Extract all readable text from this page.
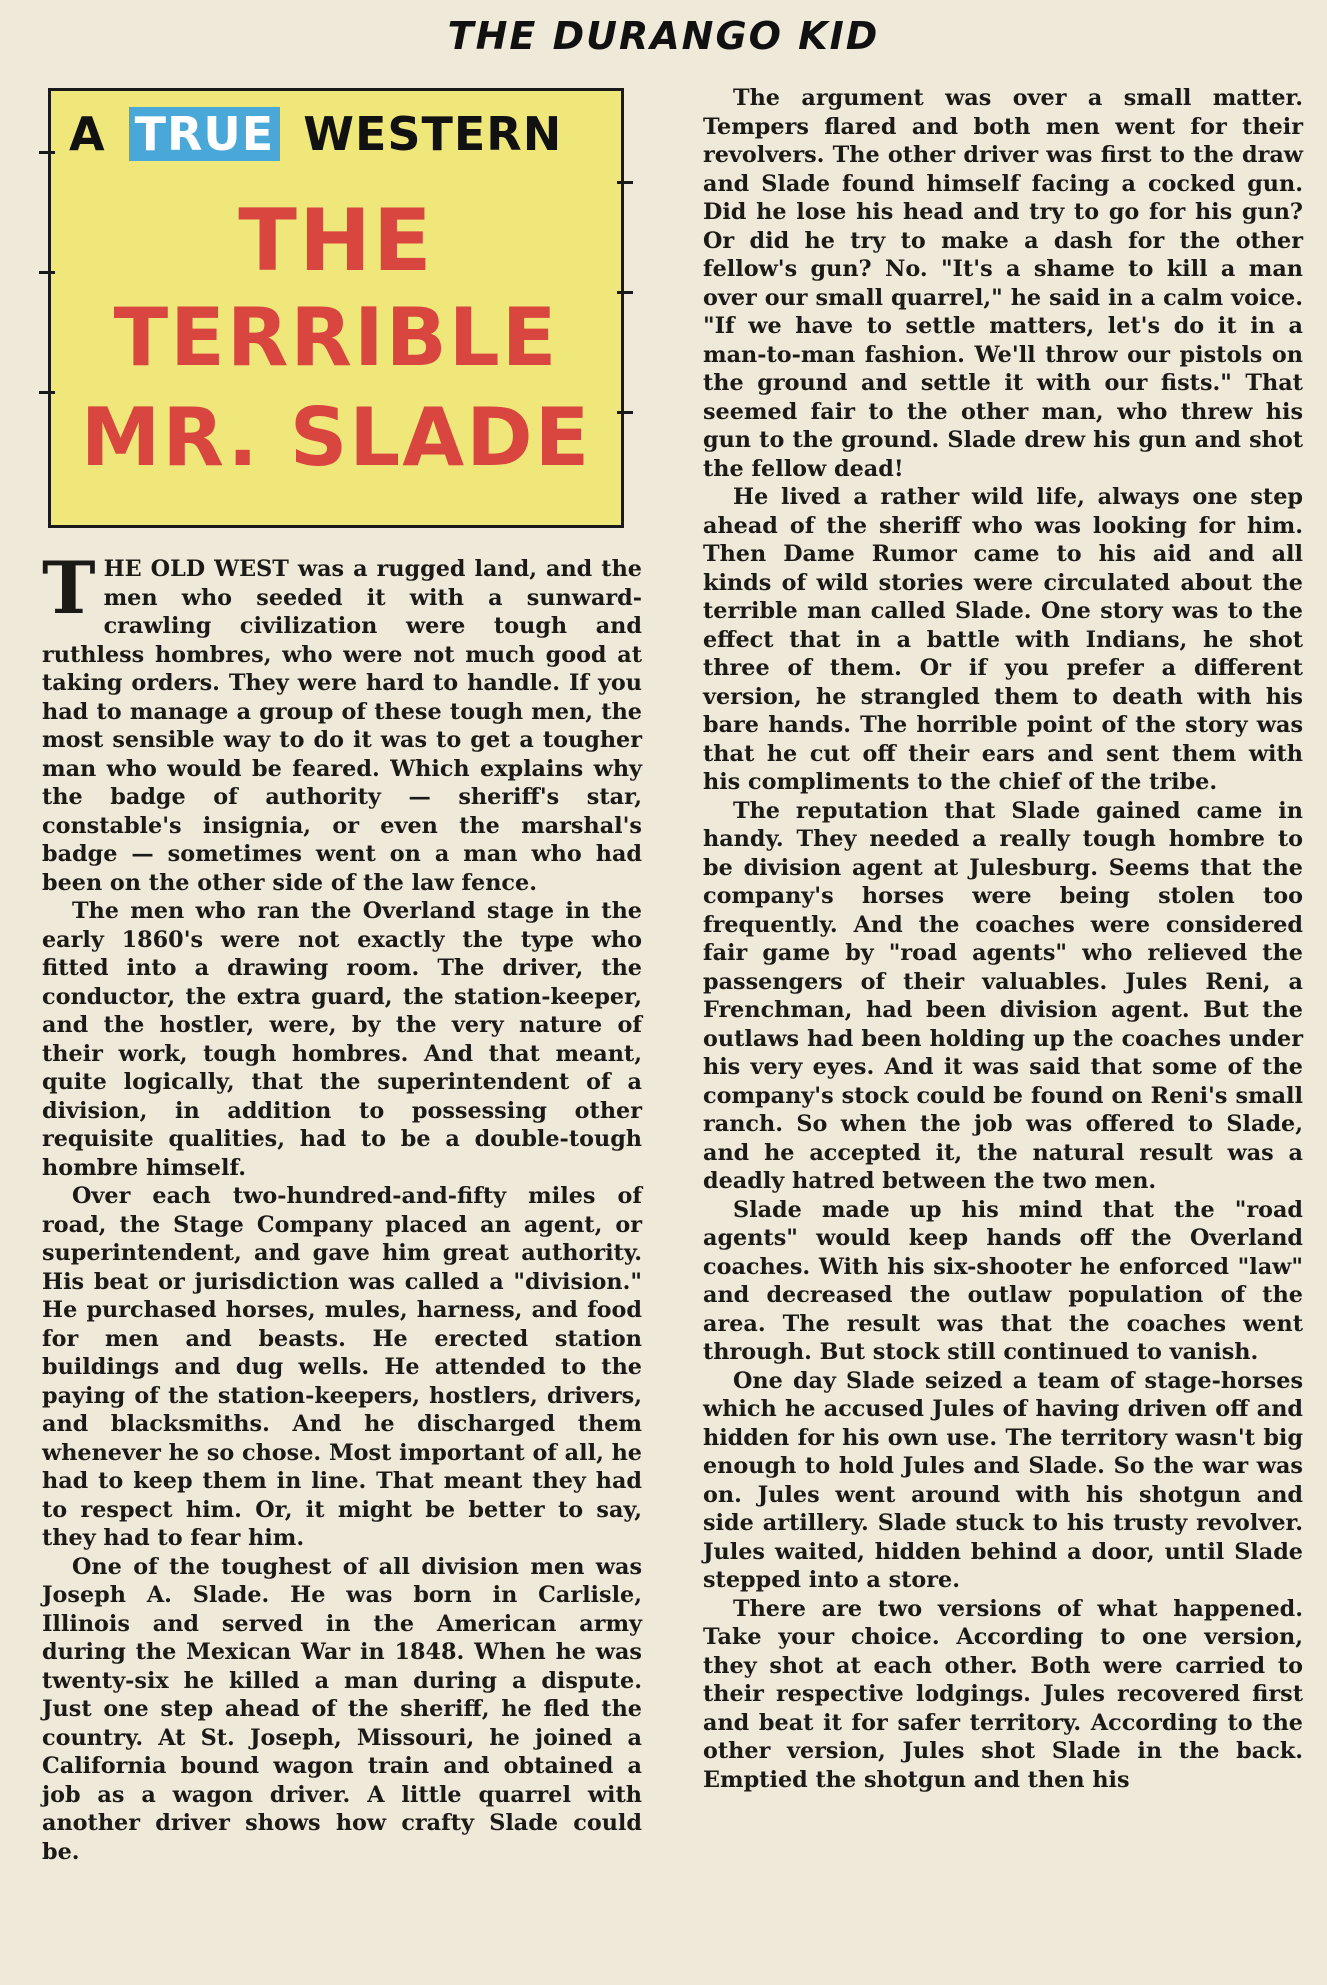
THE DURANGO KID
A TRUE WESTERN
THE
TERRIBLE
MR. SLADE

THE OLD WEST was a rugged land, and the men who seeded it with a sunward-crawling civilization were tough and ruthless hombres, who were not much good at taking orders. They were hard to handle. If you had to manage a group of these tough men, the most sensible way to do it was to get a tougher man who would be feared. Which explains why the badge of authority — sheriff's star, constable's insignia, or even the marshal's badge — sometimes went on a man who had been on the other side of the law fence.

The men who ran the Overland stage in the early 1860's were not exactly the type who fitted into a drawing room. The driver, the conductor, the extra guard, the station-keeper, and the hostler, were, by the very nature of their work, tough hombres. And that meant, quite logically, that the superintendent of a division, in addition to possessing other requisite qualities, had to be a double-tough hombre himself.

Over each two-hundred-and-fifty miles of road, the Stage Company placed an agent, or superintendent, and gave him great authority. His beat or jurisdiction was called a "division." He purchased horses, mules, harness, and food for men and beasts. He erected station buildings and dug wells. He attended to the paying of the station-keepers, hostlers, drivers, and blacksmiths. And he discharged them whenever he so chose. Most important of all, he had to keep them in line. That meant they had to respect him. Or, it might be better to say, they had to fear him.

One of the toughest of all division men was Joseph A. Slade. He was born in Carlisle, Illinois and served in the American army during the Mexican War in 1848. When he was twenty-six he killed a man during a dispute. Just one step ahead of the sheriff, he fled the country. At St. Joseph, Missouri, he joined a California bound wagon train and obtained a job as a wagon driver. A little quarrel with another driver shows how crafty Slade could be.

The argument was over a small matter. Tempers flared and both men went for their revolvers. The other driver was first to the draw and Slade found himself facing a cocked gun. Did he lose his head and try to go for his gun? Or did he try to make a dash for the other fellow's gun? No. "It's a shame to kill a man over our small quarrel," he said in a calm voice. "If we have to settle matters, let's do it in a man-to-man fashion. We'll throw our pistols on the ground and settle it with our fists." That seemed fair to the other man, who threw his gun to the ground. Slade drew his gun and shot the fellow dead!

He lived a rather wild life, always one step ahead of the sheriff who was looking for him. Then Dame Rumor came to his aid and all kinds of wild stories were circulated about the terrible man called Slade. One story was to the effect that in a battle with Indians, he shot three of them. Or if you prefer a different version, he strangled them to death with his bare hands. The horrible point of the story was that he cut off their ears and sent them with his compliments to the chief of the tribe.

The reputation that Slade gained came in handy. They needed a really tough hombre to be division agent at Julesburg. Seems that the company's horses were being stolen too frequently. And the coaches were considered fair game by "road agents" who relieved the passengers of their valuables. Jules Reni, a Frenchman, had been division agent. But the outlaws had been holding up the coaches under his very eyes. And it was said that some of the company's stock could be found on Reni's small ranch. So when the job was offered to Slade, and he accepted it, the natural result was a deadly hatred between the two men.

Slade made up his mind that the "road agents" would keep hands off the Overland coaches. With his six-shooter he enforced "law" and decreased the outlaw population of the area. The result was that the coaches went through. But stock still continued to vanish.

One day Slade seized a team of stage-horses which he accused Jules of having driven off and hidden for his own use. The territory wasn't big enough to hold Jules and Slade. So the war was on. Jules went around with his shotgun and side artillery. Slade stuck to his trusty revolver. Jules waited, hidden behind a door, until Slade stepped into a store.

There are two versions of what happened. Take your choice. According to one version, they shot at each other. Both were carried to their respective lodgings. Jules recovered first and beat it for safer territory. According to the other version, Jules shot Slade in the back. Emptied the shotgun and then his
